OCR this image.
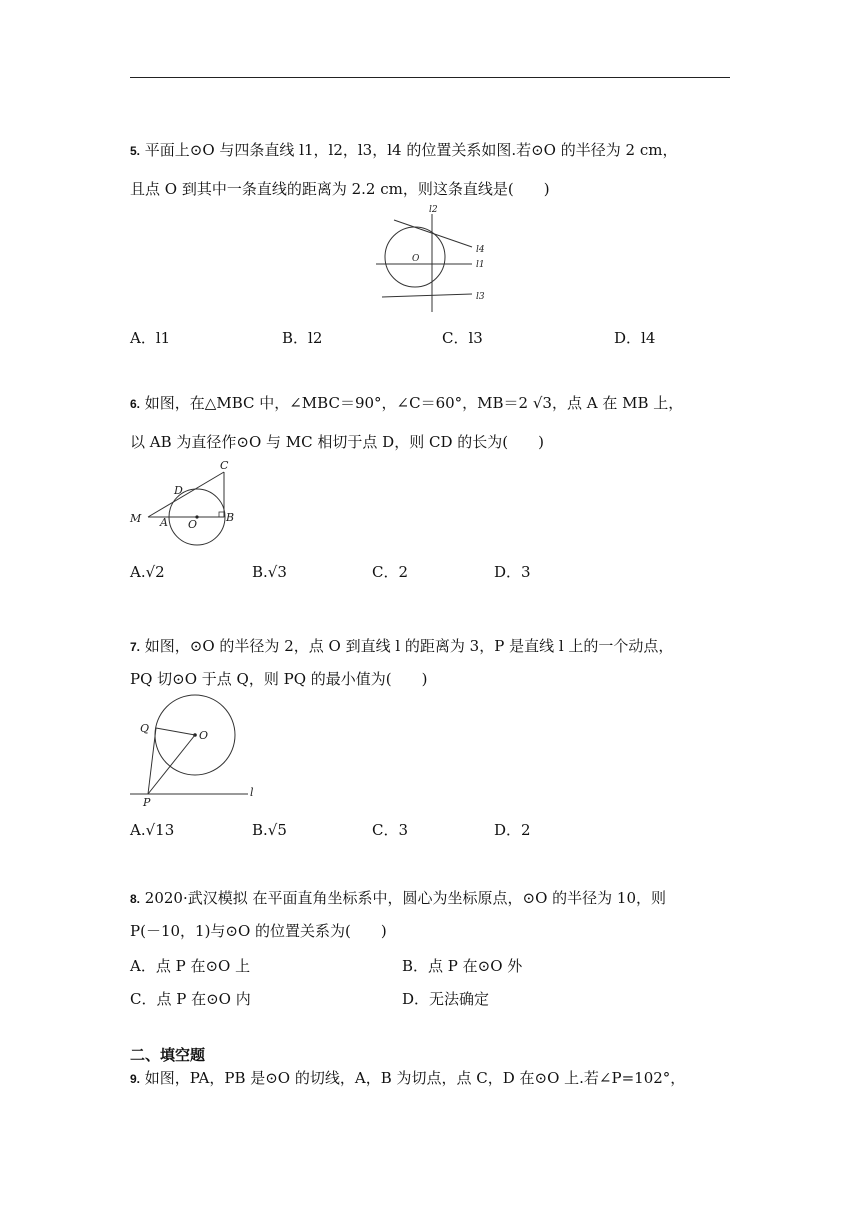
5. 平面上⊙O 与四条直线 l1，l2，l3，l4 的位置关系如图.若⊙O 的半径为 2 cm，
且点 O 到其中一条直线的距离为 2.2 cm，则这条直线是(　　)
l2
l4
l1
l3
O
A．l1	B．l2	C．l3	D．l4
6. 如图，在△MBC 中，∠MBC＝90°，∠C＝60°，MB＝2 √3，点 A 在 MB 上，
以 AB 为直径作⊙O 与 MC 相切于点 D，则 CD 的长为(　　)
C
D
M A O
B
A.√2	B.√3	C．2	D．3
7. 如图，⊙O 的半径为 2，点 O 到直线 l 的距离为 3，P 是直线 l 上的一个动点，
PQ 切⊙O 于点 Q，则 PQ 的最小值为(　　)
Q
O
P
l
A.√13	B.√5	C．3	D．2
8. 2020·武汉模拟 在平面直角坐标系中，圆心为坐标原点，⊙O 的半径为 10，则
P(－10，1)与⊙O 的位置关系为(　　)
A．点 P 在⊙O 上	B．点 P 在⊙O 外
C．点 P 在⊙O 内	D．无法确定
二、填空题
9. 如图，PA，PB 是⊙O 的切线，A，B 为切点，点 C，D 在⊙O 上.若∠P=102°，
